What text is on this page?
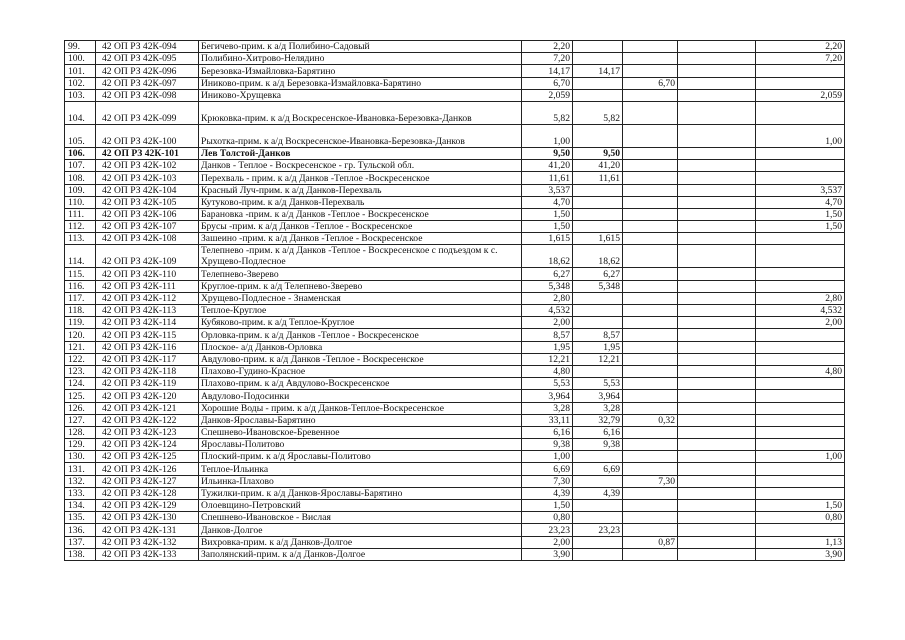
99.	42 ОП РЗ 42К-094	Бегичево-прим. к а/д Полибино-Садовый	2,20				2,20
100.	42 ОП РЗ 42К-095	Полибино-Хитрово-Нелядино	7,20				7,20
101.	42 ОП РЗ 42К-096	Березовка-Измайловка-Барятино	14,17	14,17			
102.	42 ОП РЗ 42К-097	Иниково-прим. к а/д Березовка-Измайловка-Барятино	6,70		6,70		
103.	42 ОП РЗ 42К-098	Иниково-Хрущевка	2,059				2,059
104.	42 ОП РЗ 42К-099	Крюковка-прим. к а/д Воскресенское-Ивановка-Березовка-Данков	5,82	5,82			
105.	42 ОП РЗ 42К-100	Рыхотка-прим. к а/д Воскресенское-Ивановка-Березовка-Данков	1,00				1,00
106.	42 ОП РЗ 42К-101	Лев Толстой-Данков	9,50	9,50			
107.	42 ОП РЗ 42К-102	Данков - Теплое - Воскресенское - гр. Тульской обл.	41,20	41,20			
108.	42 ОП РЗ 42К-103	Перехваль - прим. к а/д Данков -Теплое -Воскресенское	11,61	11,61			
109.	42 ОП РЗ 42К-104	Красный Луч-прим. к а/д Данков-Перехваль	3,537				3,537
110.	42 ОП РЗ 42К-105	Кутуково-прим. к а/д Данков-Перехваль	4,70				4,70
111.	42 ОП РЗ 42К-106	Барановка -прим. к а/д Данков -Теплое - Воскресенское	1,50				1,50
112.	42 ОП РЗ 42К-107	Брусы -прим. к а/д Данков -Теплое - Воскресенское	1,50				1,50
113.	42 ОП РЗ 42К-108	Зашеино -прим. к а/д Данков -Теплое - Воскресенское	1,615	1,615			
114.	42 ОП РЗ 42К-109	Телепнево -прим. к а/д Данков -Теплое - Воскресенское с подъездом к с. Хрущево-Подлесное	18,62	18,62			
115.	42 ОП РЗ 42К-110	Телепнево-Зверево	6,27	6,27			
116.	42 ОП РЗ 42К-111	Круглое-прим. к а/д Телепнево-Зверево	5,348	5,348			
117.	42 ОП РЗ 42К-112	Хрущево-Подлесное - Знаменская	2,80				2,80
118.	42 ОП РЗ 42К-113	Теплое-Круглое	4,532				4,532
119.	42 ОП РЗ 42К-114	Кубяково-прим. к а/д Теплое-Круглое	2,00				2,00
120.	42 ОП РЗ 42К-115	Орловка-прим. к а/д Данков -Теплое - Воскресенское	8,57	8,57			
121.	42 ОП РЗ 42К-116	Плоское- а/д Данков-Орловка	1,95	1,95			
122.	42 ОП РЗ 42К-117	Авдулово-прим. к а/д Данков -Теплое - Воскресенское	12,21	12,21			
123.	42 ОП РЗ 42К-118	Плахово-Гудино-Красное	4,80				4,80
124.	42 ОП РЗ 42К-119	Плахово-прим. к а/д Авдулово-Воскресенское	5,53	5,53			
125.	42 ОП РЗ 42К-120	Авдулово-Подосинки	3,964	3,964			
126.	42 ОП РЗ 42К-121	Хорошие Воды - прим. к а/д Данков-Теплое-Воскресенское	3,28	3,28			
127.	42 ОП РЗ 42К-122	Данков-Ярославы-Барятино	33,11	32,79	0,32		
128.	42 ОП РЗ 42К-123	Спешнево-Ивановское-Бревенное	6,16	6,16			
129.	42 ОП РЗ 42К-124	Ярославы-Политово	9,38	9,38			
130.	42 ОП РЗ 42К-125	Плоский-прим. к а/д Ярославы-Политово	1,00				1,00
131.	42 ОП РЗ 42К-126	Теплое-Ильинка	6,69	6,69			
132.	42 ОП РЗ 42К-127	Ильинка-Плахово	7,30		7,30		
133.	42 ОП РЗ 42К-128	Тужилки-прим. к а/д Данков-Ярославы-Барятино	4,39	4,39			
134.	42 ОП РЗ 42К-129	Олоевщино-Петровский	1,50				1,50
135.	42 ОП РЗ 42К-130	Спешнево-Ивановское - Вислая	0,80				0,80
136.	42 ОП РЗ 42К-131	Данков-Долгое	23,23	23,23			
137.	42 ОП РЗ 42К-132	Вихровка-прим. к а/д Данков-Долгое	2,00		0,87		1,13
138.	42 ОП РЗ 42К-133	Заполянский-прим. к а/д Данков-Долгое	3,90				3,90
